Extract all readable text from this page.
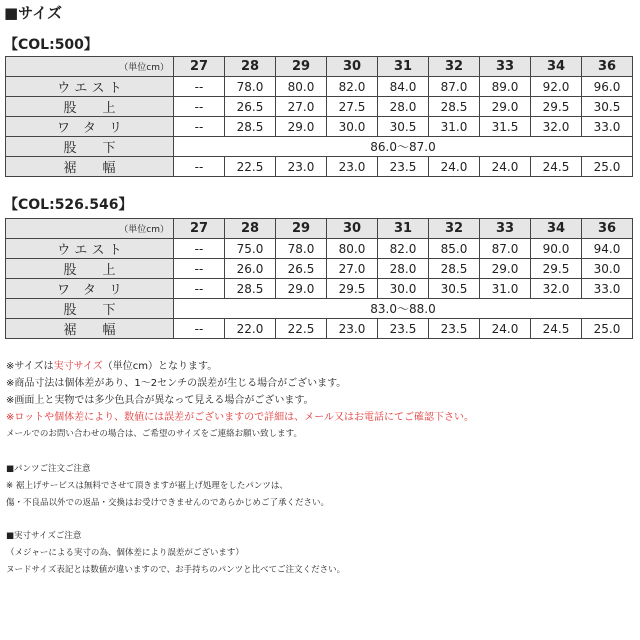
■サイズ
【COL:500】
（単位cm）	27	28	29	30	31	32	33	34	36
ウ エ ス ト	--	78.0	80.0	82.0	84.0	87.0	89.0	92.0	96.0
股　　上	--	26.5	27.0	27.5	28.0	28.5	29.0	29.5	30.5
ワ　タ　リ	--	28.5	29.0	30.0	30.5	31.0	31.5	32.0	33.0
股　　下	86.0〜87.0								
裾　　幅	--	22.5	23.0	23.0	23.5	24.0	24.0	24.5	25.0
【COL:526.546】
（単位cm）	27	28	29	30	31	32	33	34	36
ウ エ ス ト	--	75.0	78.0	80.0	82.0	85.0	87.0	90.0	94.0
股　　上	--	26.0	26.5	27.0	28.0	28.5	29.0	29.5	30.0
ワ　タ　リ	--	28.5	29.0	29.5	30.0	30.5	31.0	32.0	33.0
股　　下	83.0〜88.0								
裾　　幅	--	22.0	22.5	23.0	23.5	23.5	24.0	24.5	25.0
※サイズは実寸サイズ（単位cm）となります。
※商品寸法は個体差があり、1〜2センチの誤差が生じる場合がございます。
※画面上と実物では多少色具合が異なって見える場合がございます。
※ロットや個体差により、数値には誤差がございますので詳細は、メール又はお電話にてご確認下さい。
メールでのお問い合わせの場合は、ご希望のサイズをご連絡お願い致します。
■パンツご注文ご注意
※ 裾上げサービスは無料でさせて頂きますが裾上げ処理をしたパンツは、
傷・不良品以外での返品・交換はお受けできませんのであらかじめご了承ください。
■実寸サイズご注意
（メジャーによる実寸の為、個体差により誤差がございます）
ヌードサイズ表記とは数値が違いますので、お手持ちのパンツと比べてご注文ください。
